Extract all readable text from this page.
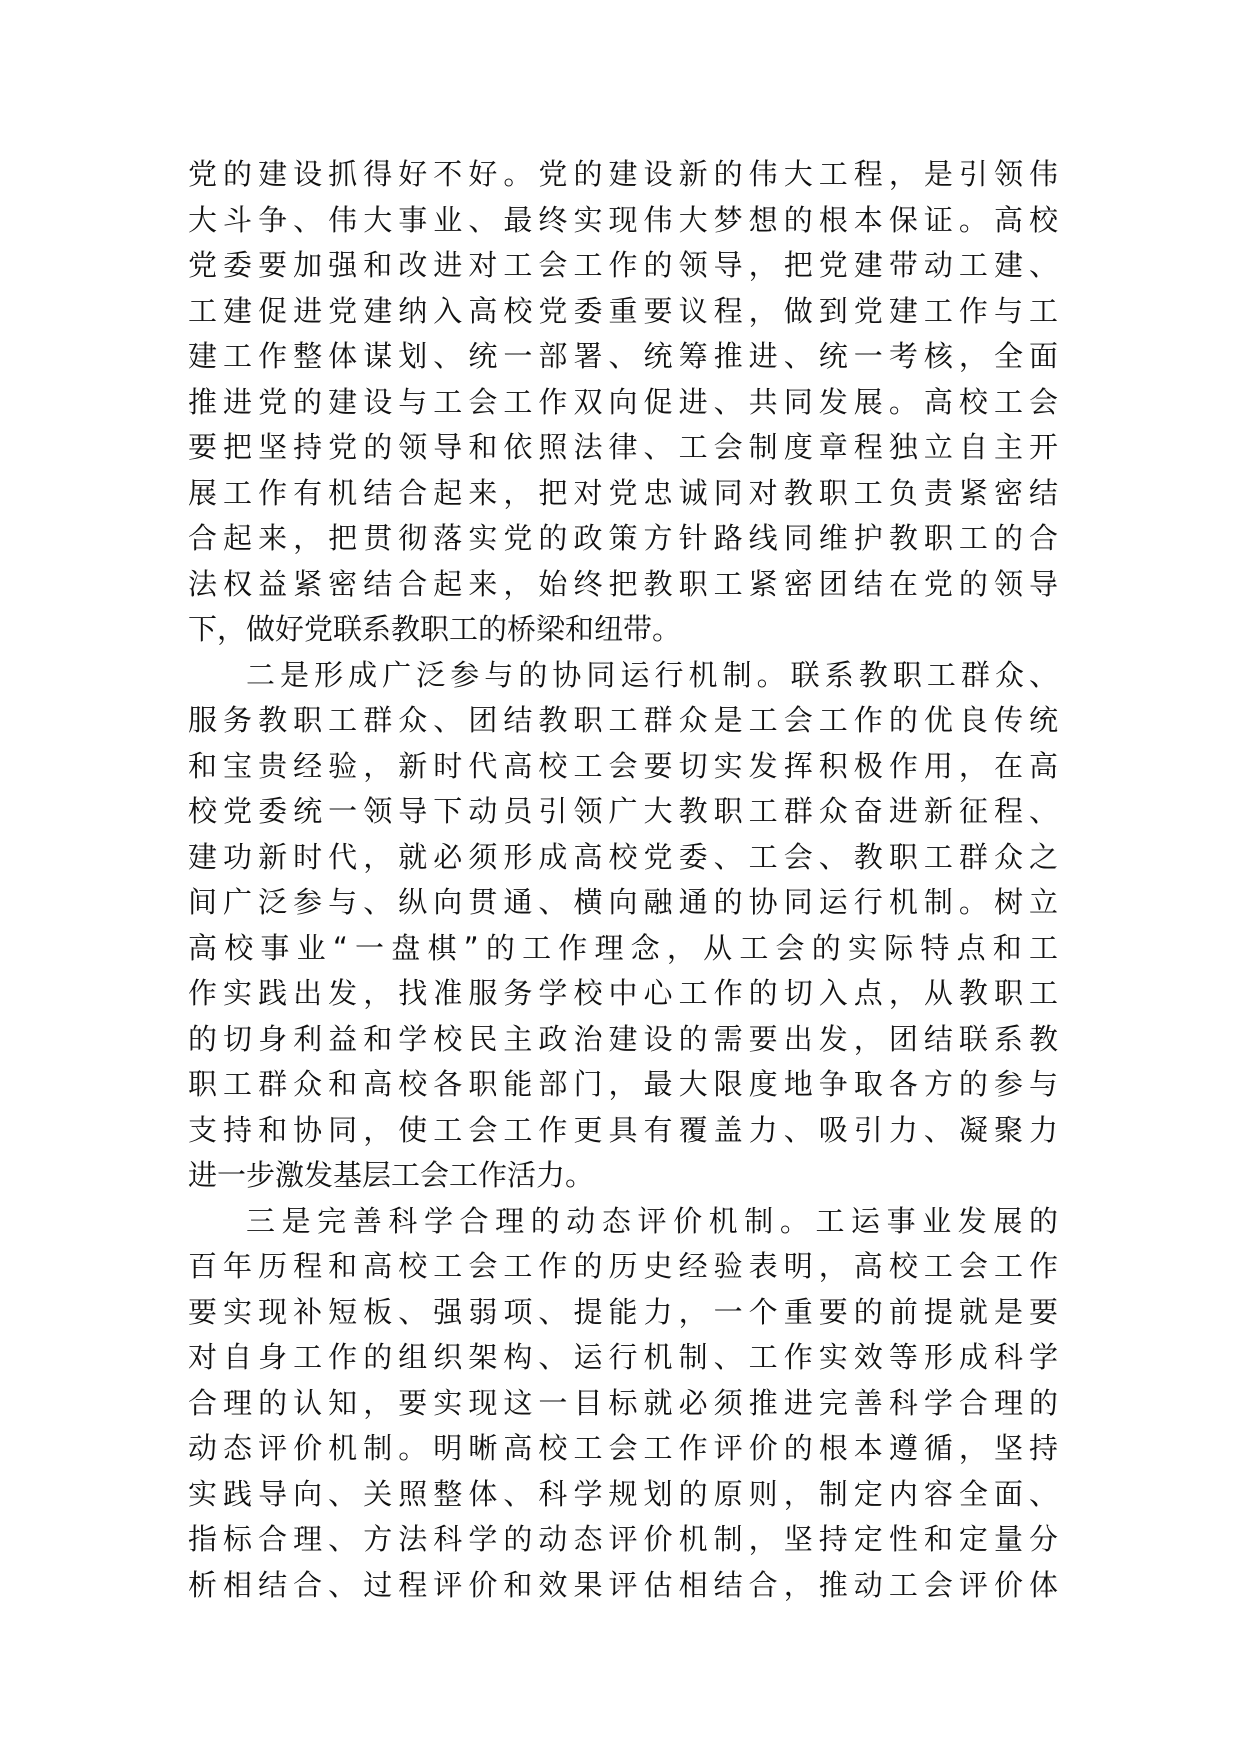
党的建设抓得好不好。党的建设新的伟大工程，是引领伟
大斗争、伟大事业、最终实现伟大梦想的根本保证。高校
党委要加强和改进对工会工作的领导，把党建带动工建、
工建促进党建纳入高校党委重要议程，做到党建工作与工
建工作整体谋划、统一部署、统筹推进、统一考核，全面
推进党的建设与工会工作双向促进、共同发展。高校工会
要把坚持党的领导和依照法律、工会制度章程独立自主开
展工作有机结合起来，把对党忠诚同对教职工负责紧密结
合起来，把贯彻落实党的政策方针路线同维护教职工的合
法权益紧密结合起来，始终把教职工紧密团结在党的领导
下，做好党联系教职工的桥梁和纽带。
二是形成广泛参与的协同运行机制。联系教职工群众、
服务教职工群众、团结教职工群众是工会工作的优良传统
和宝贵经验，新时代高校工会要切实发挥积极作用，在高
校党委统一领导下动员引领广大教职工群众奋进新征程、
建功新时代，就必须形成高校党委、工会、教职工群众之
间广泛参与、纵向贯通、横向融通的协同运行机制。树立
高校事业“一盘棋”的工作理念，从工会的实际特点和工
作实践出发，找准服务学校中心工作的切入点，从教职工
的切身利益和学校民主政治建设的需要出发，团结联系教
职工群众和高校各职能部门，最大限度地争取各方的参与
支持和协同，使工会工作更具有覆盖力、吸引力、凝聚力
进一步激发基层工会工作活力。
三是完善科学合理的动态评价机制。工运事业发展的
百年历程和高校工会工作的历史经验表明，高校工会工作
要实现补短板、强弱项、提能力，一个重要的前提就是要
对自身工作的组织架构、运行机制、工作实效等形成科学
合理的认知，要实现这一目标就必须推进完善科学合理的
动态评价机制。明晰高校工会工作评价的根本遵循，坚持
实践导向、关照整体、科学规划的原则，制定内容全面、
指标合理、方法科学的动态评价机制，坚持定性和定量分
析相结合、过程评价和效果评估相结合，推动工会评价体
